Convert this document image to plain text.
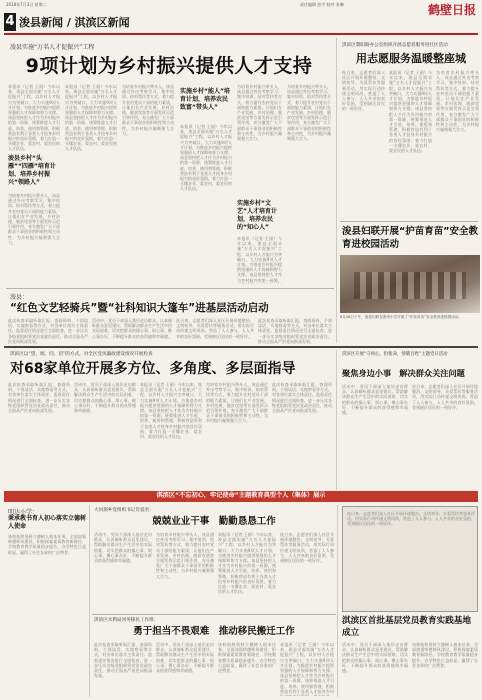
2018年7月3日 星期二	责任编辑 彭宇 校对 张琳	鹤壁日报
4 浚县新闻 / 淇滨区新闻
浚县实施“万名人才促振兴”工程
9项计划为乡村振兴提供人才支持
本报讯（记者 王丽）今年以来，浚县全面实施“万名人才促振兴”工程，以乡村人才振兴为突破口，大力实施9项人才计划，为推进乡村振兴提供坚强的人才保障和智力支撑。该县坚持把人才作为乡村振兴的第一资源，统筹推进人才引进、培养、使用和管理，积极营造有利于各类人才投身乡村振兴的良好氛围，着力打造一支懂农业、爱农村、爱农民的人才队伍。
浚县乡村“头雁”“四雁”培育计划、培养乡村振兴“领路人”
为培育乡村振兴带头人，该县通过外出考察学习、集中培训、结对帮扶等方式，着力提升农村党员干部的能力素质，让他们在产业发展、乡村治理、脱贫攻坚等方面发挥示范引领作用，充分激发广大干部群众干事创业的积极性和主动性，为乡村振兴凝聚强大合力。
本报讯（记者 王丽）今年以来，浚县全面实施“万名人才促振兴”工程，以乡村人才振兴为突破口，大力实施9项人才计划，为推进乡村振兴提供坚强的人才保障和智力支撑。该县坚持把人才作为乡村振兴的第一资源，统筹推进人才引进、培养、使用和管理，积极营造有利于各类人才投身乡村振兴的良好氛围，着力打造一支懂农业、爱农村、爱农民的人才队伍。
为培育乡村振兴带头人，该县通过外出考察学习、集中培训、结对帮扶等方式，着力提升农村党员干部的能力素质，让他们在产业发展、乡村治理、脱贫攻坚等方面发挥示范引领作用，充分激发广大干部群众干事创业的积极性和主动性，为乡村振兴凝聚强大合力。
实施乡村“能人”培育计划，培养农民致富“带头人”
本报讯（记者 王丽）今年以来，浚县全面实施“万名人才促振兴”工程，以乡村人才振兴为突破口，大力实施9项人才计划，为推进乡村振兴提供坚强的人才保障和智力支撑。该县坚持把人才作为乡村振兴的第一资源，统筹推进人才引进、培养、使用和管理，积极营造有利于各类人才投身乡村振兴的良好氛围，着力打造一支懂农业、爱农村、爱农民的人才队伍。
为培育乡村振兴带头人，该县通过外出考察学习、集中培训、结对帮扶等方式，着力提升农村党员干部的能力素质，让他们在产业发展、乡村治理、脱贫攻坚等方面发挥示范引领作用，充分激发广大干部群众干事创业的积极性和主动性，为乡村振兴凝聚强大合力。
实施乡村“文艺”人才培育计划，培养农民的“知心人”
本报讯（记者 王丽）今年以来，浚县全面实施“万名人才促振兴”工程，以乡村人才振兴为突破口，大力实施9项人才计划，为推进乡村振兴提供坚强的人才保障和智力支撑。该县坚持把人才作为乡村振兴的第一资源，
为培育乡村振兴带头人，该县通过外出考察学习、集中培训、结对帮扶等方式，着力提升农村党员干部的能力素质，让他们在产业发展、乡村治理、脱贫攻坚等方面发挥示范引领作用，充分激发广大干部群众干事创业的积极性和主动性，为乡村振兴凝聚强大合力。
浚县：
“红色文艺轻骑兵”暨“社科知识大篷车”进基层活动启动
此次检查采取听取汇报、查阅资料、个别谈话、实地察看等方式，对各单位落实主体责任、监督责任情况进行全面检查，进一步压实各级党组织管党治党政治责任，推动全面从严治党向纵深发展。
活动中，党员干部深入基层走访群众，认真倾听群众意见建议，帮助解决群众生产生活中的实际困难，切实把群众的操心事、烦心事、揪心事办好，不断提升群众的获得感和幸福感。
连日来，志愿者们深入社区开展环境整治、文明劝导、关爱帮扶等服务活动，用实际行动传递文明风尚，营造了人人参与、人人共享的良好氛围，受到辖区居民的一致好评。
此次检查采取听取汇报、查阅资料、个别谈话、实地察看等方式，对各单位落实主体责任、监督责任情况进行全面检查，进一步压实各级党组织管党治党政治责任，推动全面从严治党向纵深发展。
淇滨区黎阳路办公室组织开展志愿者服务进社区活动
用志愿服务温暖整座城
连日来，志愿者们深入社区开展环境整治、文明劝导、关爱帮扶等服务活动，用实际行动传递文明风尚，营造了人人参与、人人共享的良好氛围，受到辖区居民的一致好评。
本报讯（记者 王丽）今年以来，浚县全面实施“万名人才促振兴”工程，以乡村人才振兴为突破口，大力实施9项人才计划，为推进乡村振兴提供坚强的人才保障和智力支撑。该县坚持把人才作为乡村振兴的第一资源，统筹推进人才引进、培养、使用和管理，积极营造有利于各类人才投身乡村振兴的良好氛围，着力打造一支懂农业、爱农村、爱农民的人才队伍。
为培育乡村振兴带头人，该县通过外出考察学习、集中培训、结对帮扶等方式，着力提升农村党员干部的能力素质，让他们在产业发展、乡村治理、脱贫攻坚等方面发挥示范引领作用，充分激发广大干部群众干事创业的积极性和主动性，为乡村振兴凝聚强大合力。
浚县妇联开展“护苗育苗”安全教育进校园活动
6月28日下午，浚县妇联在浚州小学开展了“护苗育苗”安全教育进校园活动。
淇滨区以“望、闻、问、切”的方式，对全区党风廉政建设情况开展检查
对68家单位开展多方位、多角度、多层面指导
此次检查采取听取汇报、查阅资料、个别谈话、实地察看等方式，对各单位落实主体责任、监督责任情况进行全面检查，进一步压实各级党组织管党治党政治责任，推动全面从严治党向纵深发展。
活动中，党员干部深入基层走访群众，认真倾听群众意见建议，帮助解决群众生产生活中的实际困难，切实把群众的操心事、烦心事、揪心事办好，不断提升群众的获得感和幸福感。
本报讯（记者 王丽）今年以来，浚县全面实施“万名人才促振兴”工程，以乡村人才振兴为突破口，大力实施9项人才计划，为推进乡村振兴提供坚强的人才保障和智力支撑。该县坚持把人才作为乡村振兴的第一资源，统筹推进人才引进、培养、使用和管理，积极营造有利于各类人才投身乡村振兴的良好氛围，着力打造一支懂农业、爱农村、爱农民的人才队伍。
为培育乡村振兴带头人，该县通过外出考察学习、集中培训、结对帮扶等方式，着力提升农村党员干部的能力素质，让他们在产业发展、乡村治理、脱贫攻坚等方面发挥示范引领作用，充分激发广大干部群众干事创业的积极性和主动性，为乡村振兴凝聚强大合力。
此次检查采取听取汇报、查阅资料、个别谈话、实地察看等方式，对各单位落实主体责任、监督责任情况进行全面检查，进一步压实各级党组织管党治党政治责任，推动全面从严治党向纵深发展。
淇滨区开展“守初心，担使命，情暖百姓”主题党日活动
聚焦身边小事　解决群众关注问题
活动中，党员干部深入基层走访群众，认真倾听群众意见建议，帮助解决群众生产生活中的实际困难，切实把群众的操心事、烦心事、揪心事办好，不断提升群众的获得感和幸福感。
连日来，志愿者们深入社区开展环境整治、文明劝导、关爱帮扶等服务活动，用实际行动传递文明风尚，营造了人人参与、人人共享的良好氛围，受到辖区居民的一致好评。
淇滨区“不忘初心，牢记使命”主题教育典型个人（集体）展示
明达小学：
秉承教书育人初心落实立德树人使命
该校始终坚持立德树人根本任务，全面加强师德师风建设，积极探索素质教育新路径，学校教育教学质量稳步提升，办学特色日益彰显，赢得了社会各界的广泛赞誉。
大河涧乡党组织书记肖爱君：
兢兢业业干事　勤勤恳恳工作
活动中，党员干部深入基层走访群众，认真倾听群众意见建议，帮助解决群众生产生活中的实际困难，切实把群众的操心事、烦心事、揪心事办好，不断提升群众的获得感和幸福感。
为培育乡村振兴带头人，该县通过外出考察学习、集中培训、结对帮扶等方式，着力提升农村党员干部的能力素质，让他们在产业发展、乡村治理、脱贫攻坚等方面发挥示范引领作用，充分激发广大干部群众干事创业的积极性和主动性，为乡村振兴凝聚强大合力。
本报讯（记者 王丽）今年以来，浚县全面实施“万名人才促振兴”工程，以乡村人才振兴为突破口，大力实施9项人才计划，为推进乡村振兴提供坚强的人才保障和智力支撑。该县坚持把人才作为乡村振兴的第一资源，统筹推进人才引进、培养、使用和管理，积极营造有利于各类人才投身乡村振兴的良好氛围，着力打造一支懂农业、爱农村、爱农民的人才队伍。
连日来，志愿者们深入社区开展环境整治、文明劝导、关爱帮扶等服务活动，用实际行动传递文明风尚，营造了人人参与、人人共享的良好氛围，受到辖区居民的一致好评。
淇滨区水利局河务移民工作组：
勇于担当不畏艰难　推动移民搬迁工作
此次检查采取听取汇报、查阅资料、个别谈话、实地察看等方式，对各单位落实主体责任、监督责任情况进行全面检查，进一步压实各级党组织管党治党政治责任，推动全面从严治党向纵深发展。
活动中，党员干部深入基层走访群众，认真倾听群众意见建议，帮助解决群众生产生活中的实际困难，切实把群众的操心事、烦心事、揪心事办好，不断提升群众的获得感和幸福感。
该校始终坚持立德树人根本任务，全面加强师德师风建设，积极探索素质教育新路径，学校教育教学质量稳步提升，办学特色日益彰显，赢得了社会各界的广泛赞誉。
本报讯（记者 王丽）今年以来，浚县全面实施“万名人才促振兴”工程，以乡村人才振兴为突破口，大力实施9项人才计划，为推进乡村振兴提供坚强的人才保障和智力支撑。该县坚持把人才作为乡村振兴的第一资源，统筹推进人才引进、培养、使用和管理，积极营造有利于各类人才投身乡村
连日来，志愿者们深入社区开展环境整治、文明劝导、关爱帮扶等服务活动，用实际行动传递文明风尚，营造了人人参与、人人共享的良好氛围，受到辖区居民的一致好评。
淇滨区首批基层党员教育实践基地成立
活动中，党员干部深入基层走访群众，认真倾听群众意见建议，帮助解决群众生产生活中的实际困难，切实把群众的操心事、烦心事、揪心事办好，不断提升群众的获得感和幸福感。
该校始终坚持立德树人根本任务，全面加强师德师风建设，积极探索素质教育新路径，学校教育教学质量稳步提升，办学特色日益彰显，赢得了社会各界的广泛赞誉。
